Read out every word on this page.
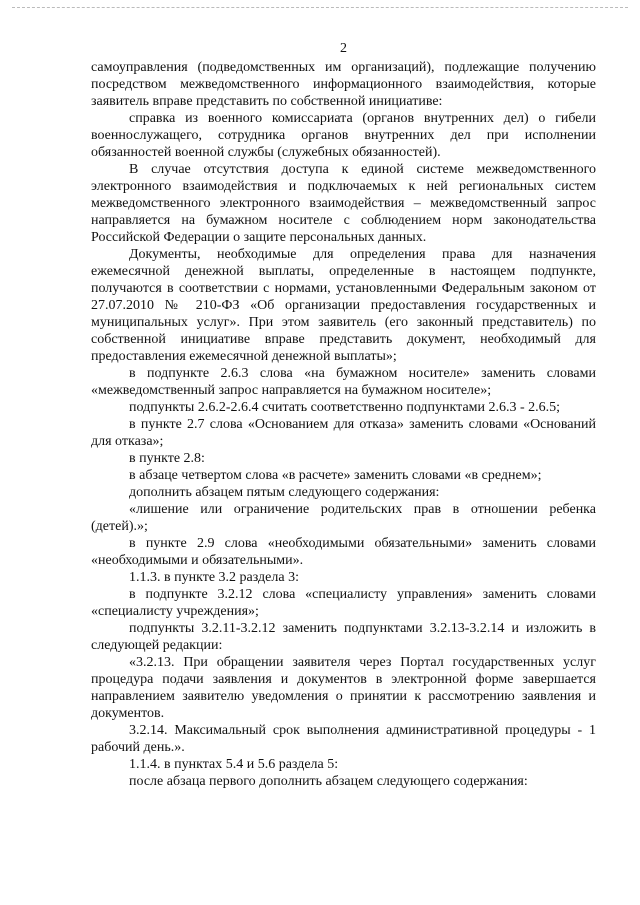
2

самоуправления (подведомственных им организаций), подлежащие получению посредством межведомственного информационного взаимодействия, которые заявитель вправе представить по собственной инициативе:

справка из военного комиссариата (органов внутренних дел) о гибели военнослужащего, сотрудника органов внутренних дел при исполнении обязанностей военной службы (служебных обязанностей).

В случае отсутствия доступа к единой системе межведомственного электронного взаимодействия и подключаемых к ней региональных систем межведомственного электронного взаимодействия – межведомственный запрос направляется на бумажном носителе с соблюдением норм законодательства Российской Федерации о защите персональных данных.

Документы, необходимые для определения права для назначения ежемесячной денежной выплаты, определенные в настоящем подпункте, получаются в соответствии с нормами, установленными Федеральным законом от 27.07.2010 № 210-ФЗ «Об организации предоставления государственных и муниципальных услуг». При этом заявитель (его законный представитель) по собственной инициативе вправе представить документ, необходимый для предоставления ежемесячной денежной выплаты»;

в подпункте 2.6.3 слова «на бумажном носителе» заменить словами «межведомственный запрос направляется на бумажном носителе»;

подпункты 2.6.2-2.6.4 считать соответственно подпунктами 2.6.3 - 2.6.5;

в пункте 2.7 слова «Основанием для отказа» заменить словами «Оснований для отказа»;

в пункте 2.8:

в абзаце четвертом слова «в расчете» заменить словами «в среднем»;

дополнить абзацем пятым следующего содержания:

«лишение или ограничение родительских прав в отношении ребенка (детей).»;

в пункте 2.9 слова «необходимыми обязательными» заменить словами «необходимыми и обязательными».

1.1.3. в пункте 3.2 раздела 3:

в подпункте 3.2.12 слова «специалисту управления» заменить словами «специалисту учреждения»;

подпункты 3.2.11-3.2.12 заменить подпунктами 3.2.13-3.2.14 и изложить в следующей редакции:

«3.2.13. При обращении заявителя через Портал государственных услуг процедура подачи заявления и документов в электронной форме завершается направлением заявителю уведомления о принятии к рассмотрению заявления и документов.

3.2.14. Максимальный срок выполнения административной процедуры - 1 рабочий день.».

1.1.4. в пунктах 5.4 и 5.6 раздела 5:

после абзаца первого дополнить абзацем следующего содержания:
